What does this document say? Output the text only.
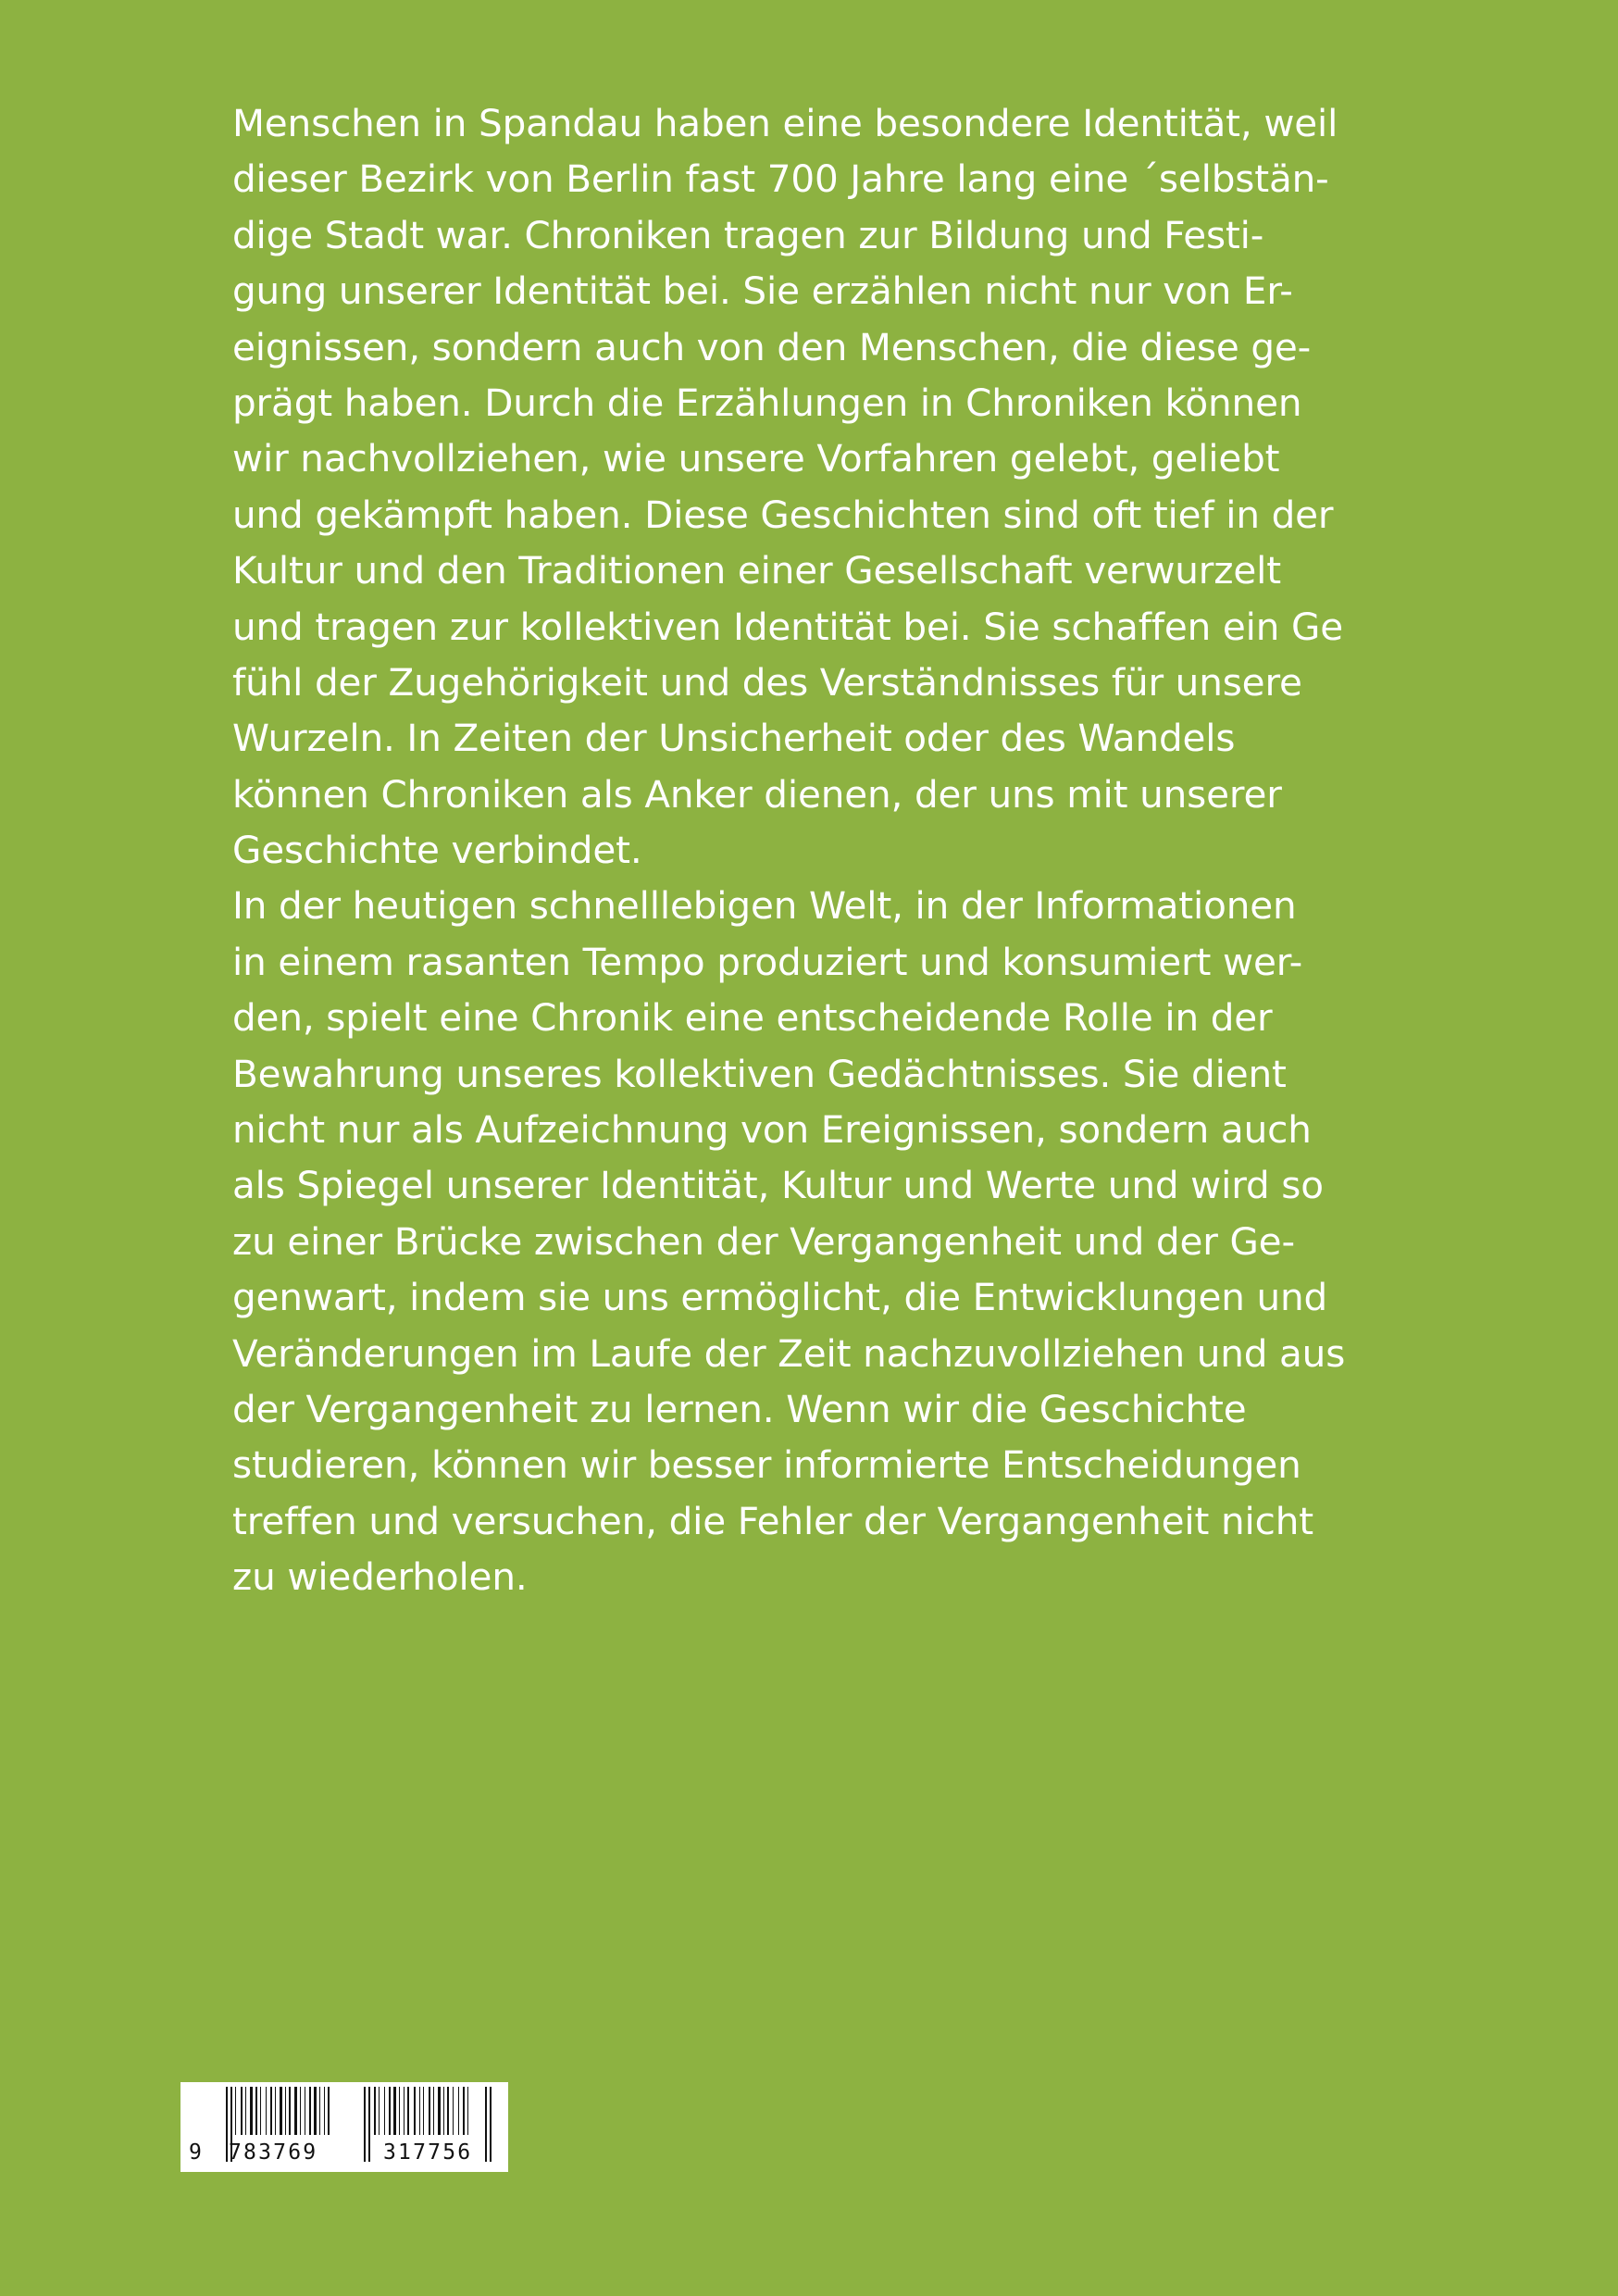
Menschen in Spandau haben eine besondere Identität, weil
dieser Bezirk von Berlin fast 700 Jahre lang eine ´selbstän-
dige Stadt war. Chroniken tragen zur Bildung und Festi-
gung unserer Identität bei. Sie erzählen nicht nur von Er-
eignissen, sondern auch von den Menschen, die diese ge-
prägt haben. Durch die Erzählungen in Chroniken können
wir nachvollziehen, wie unsere Vorfahren gelebt, geliebt
und gekämpft haben. Diese Geschichten sind oft tief in der
Kultur und den Traditionen einer Gesellschaft verwurzelt
und tragen zur kollektiven Identität bei. Sie schaffen ein Ge
fühl der Zugehörigkeit und des Verständnisses für unsere
Wurzeln. In Zeiten der Unsicherheit oder des Wandels
können Chroniken als Anker dienen, der uns mit unserer
Geschichte verbindet.
In der heutigen schnelllebigen Welt, in der Informationen
in einem rasanten Tempo produziert und konsumiert wer-
den, spielt eine Chronik eine entscheidende Rolle in der
Bewahrung unseres kollektiven Gedächtnisses. Sie dient
nicht nur als Aufzeichnung von Ereignissen, sondern auch
als Spiegel unserer Identität, Kultur und Werte und wird so
zu einer Brücke zwischen der Vergangenheit und der Ge-
genwart, indem sie uns ermöglicht, die Entwicklungen und
Veränderungen im Laufe der Zeit nachzuvollziehen und aus
der Vergangenheit zu lernen. Wenn wir die Geschichte
studieren, können wir besser informierte Entscheidungen
treffen und versuchen, die Fehler der Vergangenheit nicht
zu wiederholen.
9 783769	317756
